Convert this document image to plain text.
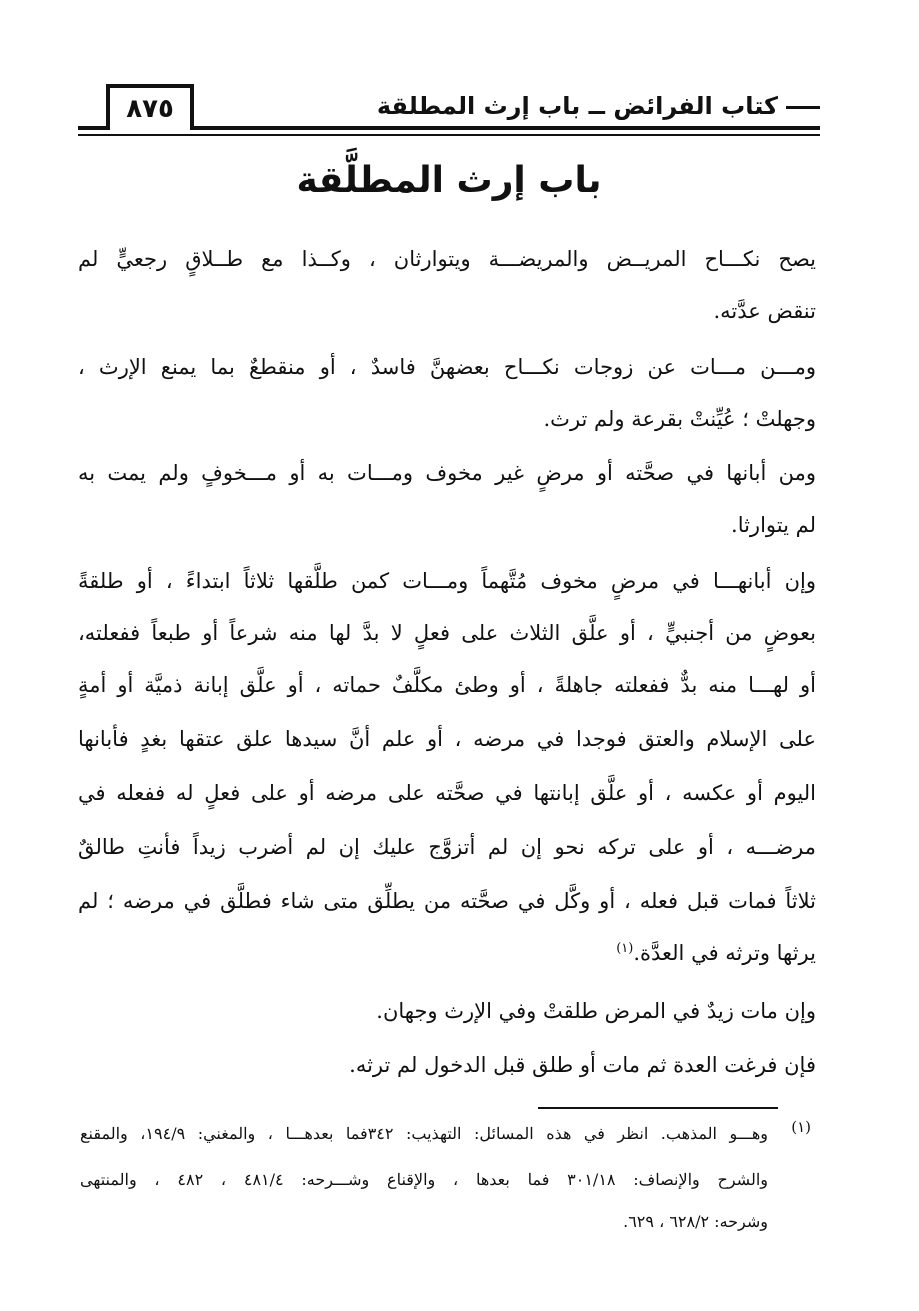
٨٧٥	كتاب الفرائض ــ باب إرث المطلقة
باب إرث المطلَّقة
يصح نكـــاح المريــض والمريضـــة ويتوارثان ، وكــذا مع طــلاقٍ رجعيٍّ لم
تنقض عدَّته.
ومـــن مـــات عن زوجات نكـــاح بعضهنَّ فاسدٌ ، أو منقطعٌ بما يمنع الإرث ،
وجهلتْ ؛ عُيِّنتْ بقرعة ولم ترث.
ومن أبانها في صحَّته أو مرضٍ غير مخوف ومـــات به أو مـــخوفٍ ولم يمت به
لم يتوارثا.
وإن أبانهـــا في مرضٍ مخوف مُتَّهماً ومـــات كمن طلَّقها ثلاثاً ابتداءً ، أو طلقةً
بعوضٍ من أجنبيٍّ ، أو علَّق الثلاث على فعلٍ لا بدَّ لها منه شرعاً أو طبعاً ففعلته،
أو لهـــا منه بدٌّ ففعلته جاهلةً ، أو وطئ مكلَّفٌ حماته ، أو علَّق إبانة ذميَّة أو أمةٍ
على الإسلام والعتق فوجدا في مرضه ، أو علم أنَّ سيدها علق عتقها بغدٍ فأبانها
اليوم أو عكسه ، أو علَّق إبانتها في صحَّته على مرضه أو على فعلٍ له ففعله في
مرضـــه ، أو على تركه نحو إن لم أتزوَّج عليك إن لم أضرب زيداً فأنتِ طالقٌ
ثلاثاً فمات قبل فعله ، أو وكَّل في صحَّته من يطلِّق متى شاء فطلَّق في مرضه ؛ لم
يرثها وترثه في العدَّة.$^{(١)}$
وإن مات زيدٌ في المرض طلقتْ وفي الإرث وجهان.
فإن فرغت العدة ثم مات أو طلق قبل الدخول لم ترثه.
(١)
وهـــو المذهب. انظر في هذه المسائل: التهذيب: ٣٤٢فما بعدهـــا ، والمغني: ١٩٤/٩، والمقنع
والشرح والإنصاف: ٣٠١/١٨ فما بعدها ، والإقناع وشـــرحه: ٤٨١/٤ ، ٤٨٢ ، والمنتهى
وشرحه: ٦٢٨/٢ ، ٦٢٩.
